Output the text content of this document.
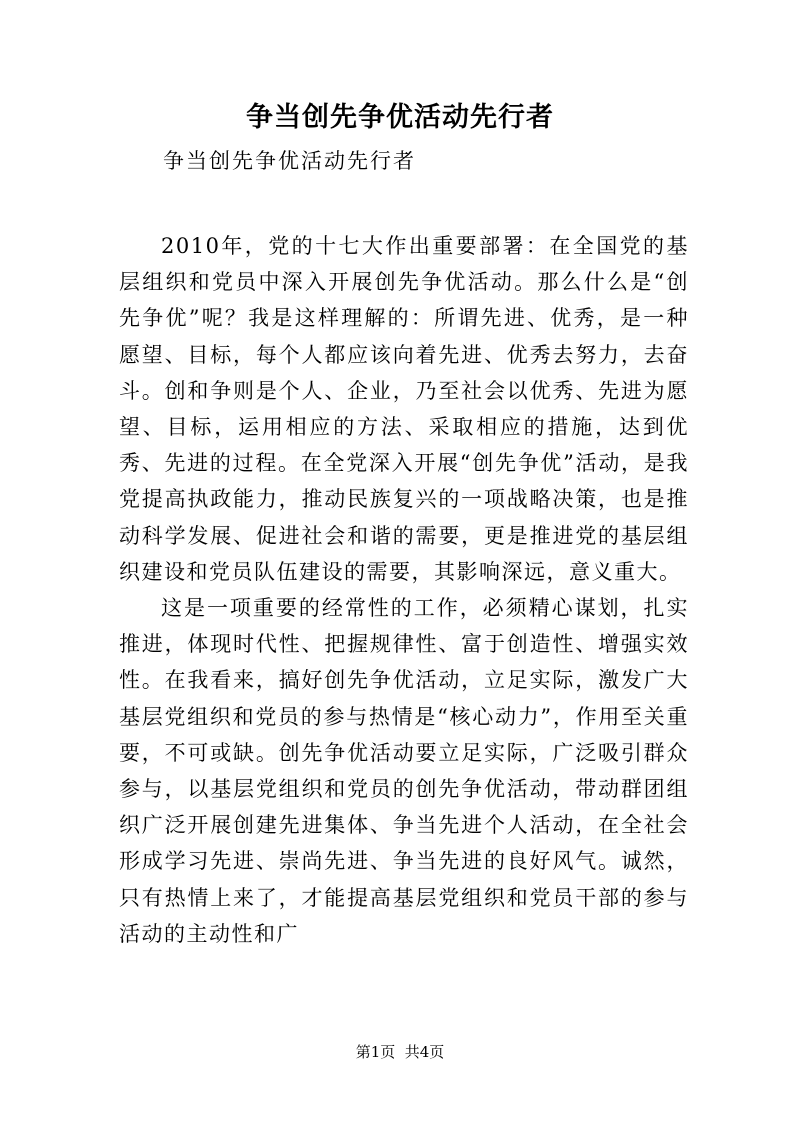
争当创先争优活动先行者

争当创先争优活动先行者

2010年，党的十七大作出重要部署：在全国党的基层组织和党员中深入开展创先争优活动。那么什么是“创先争优”呢？我是这样理解的：所谓先进、优秀，是一种愿望、目标，每个人都应该向着先进、优秀去努力，去奋斗。创和争则是个人、企业，乃至社会以优秀、先进为愿望、目标，运用相应的方法、采取相应的措施，达到优秀、先进的过程。在全党深入开展“创先争优”活动，是我党提高执政能力，推动民族复兴的一项战略决策，也是推动科学发展、促进社会和谐的需要，更是推进党的基层组织建设和党员队伍建设的需要，其影响深远，意义重大。

这是一项重要的经常性的工作，必须精心谋划，扎实推进，体现时代性、把握规律性、富于创造性、增强实效性。在我看来，搞好创先争优活动，立足实际，激发广大基层党组织和党员的参与热情是“核心动力”，作用至关重要，不可或缺。创先争优活动要立足实际，广泛吸引群众参与，以基层党组织和党员的创先争优活动，带动群团组织广泛开展创建先进集体、争当先进个人活动，在全社会形成学习先进、崇尚先进、争当先进的良好风气。诚然，只有热情上来了，才能提高基层党组织和党员干部的参与活动的主动性和广

第1页  共4页
